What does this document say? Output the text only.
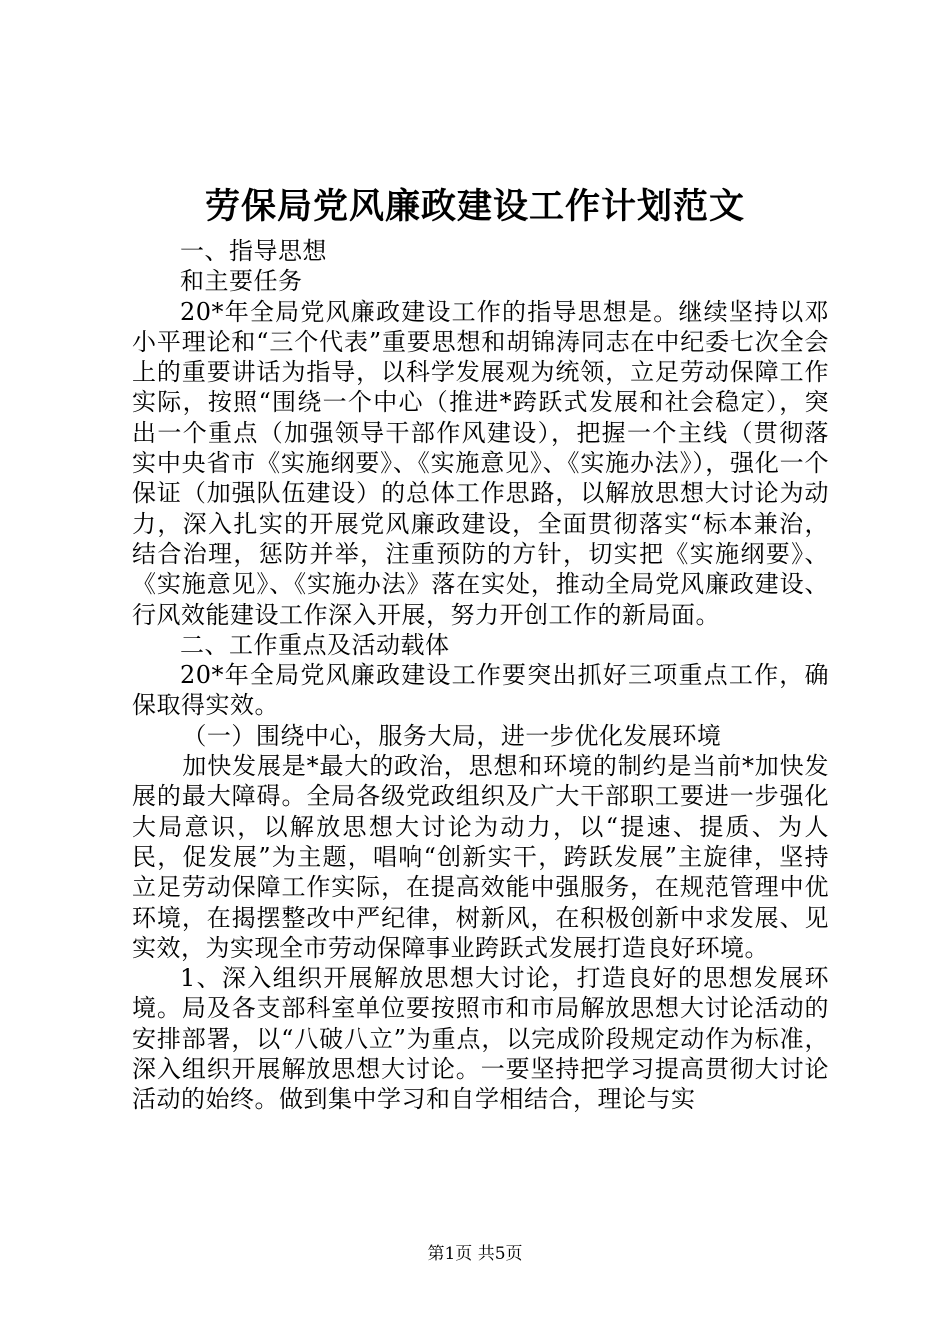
劳保局党风廉政建设工作计划范文

一、指导思想

和主要任务

20*年全局党风廉政建设工作的指导思想是。继续坚持以邓小平理论和“三个代表”重要思想和胡锦涛同志在中纪委七次全会上的重要讲话为指导，以科学发展观为统领，立足劳动保障工作实际，按照“围绕一个中心（推进*跨跃式发展和社会稳定），突出一个重点（加强领导干部作风建设），把握一个主线（贯彻落实中央省市《实施纲要》、《实施意见》、《实施办法》），强化一个保证（加强队伍建设）的总体工作思路，以解放思想大讨论为动力，深入扎实的开展党风廉政建设，全面贯彻落实“标本兼治，结合治理，惩防并举，注重预防的方针，切实把《实施纲要》、《实施意见》、《实施办法》落在实处，推动全局党风廉政建设、行风效能建设工作深入开展，努力开创工作的新局面。

二、工作重点及活动载体

20*年全局党风廉政建设工作要突出抓好三项重点工作，确保取得实效。

（一）围绕中心，服务大局，进一步优化发展环境

加快发展是*最大的政治，思想和环境的制约是当前*加快发展的最大障碍。全局各级党政组织及广大干部职工要进一步强化大局意识，以解放思想大讨论为动力，以“提速、提质、为人民，促发展”为主题，唱响“创新实干，跨跃发展”主旋律，坚持立足劳动保障工作实际，在提高效能中强服务，在规范管理中优环境，在揭摆整改中严纪律，树新风，在积极创新中求发展、见实效，为实现全市劳动保障事业跨跃式发展打造良好环境。

1、深入组织开展解放思想大讨论，打造良好的思想发展环境。局及各支部科室单位要按照市和市局解放思想大讨论活动的安排部署，以“八破八立”为重点，以完成阶段规定动作为标准，深入组织开展解放思想大讨论。一要坚持把学习提高贯彻大讨论活动的始终。做到集中学习和自学相结合，理论与实

第1页 共5页
